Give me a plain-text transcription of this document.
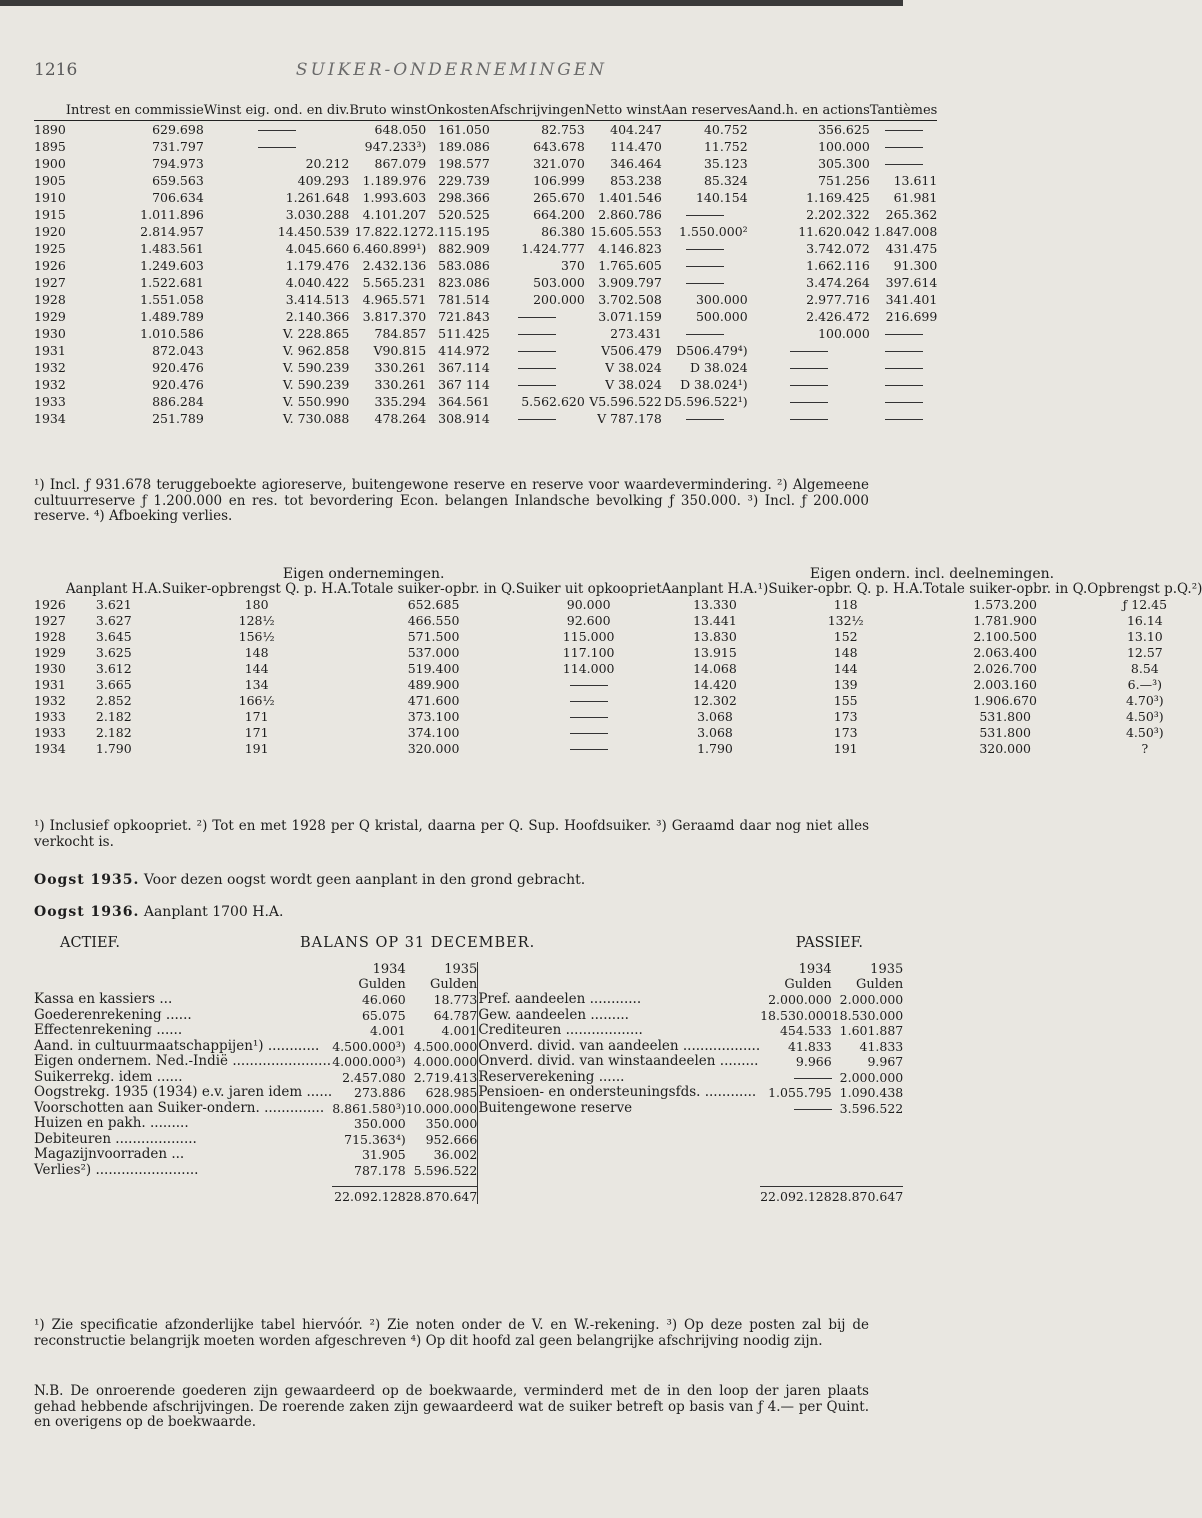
1216	SUIKER-ONDERNEMINGEN
	Intrest en commissie	Winst eig. ond. en div.	Bruto winst	Onkosten	Afschrijvingen	Netto winst	Aan reserves	Aand.h. en actions	Tantièmes

1890	629.698		648.050	161.050	82.753	404.247	40.752	356.625	
1895	731.797		947.233³)	189.086	643.678	114.470	11.752	100.000	
1900	794.973	20.212	867.079	198.577	321.070	346.464	35.123	305.300	
1905	659.563	409.293	1.189.976	229.739	106.999	853.238	85.324	751.256	13.611
1910	706.634	1.261.648	1.993.603	298.366	265.670	1.401.546	140.154	1.169.425	61.981
1915	1.011.896	3.030.288	4.101.207	520.525	664.200	2.860.786		2.202.322	265.362
1920	2.814.957	14.450.539	17.822.127	2.115.195	86.380	15.605.553	1.550.000²	11.620.042	1.847.008
1925	1.483.561	4.045.660	6.460.899¹)	882.909	1.424.777	4.146.823		3.742.072	431.475
1926	1.249.603	1.179.476	2.432.136	583.086	370	1.765.605		1.662.116	91.300
1927	1.522.681	4.040.422	5.565.231	823.086	503.000	3.909.797		3.474.264	397.614
1928	1.551.058	3.414.513	4.965.571	781.514	200.000	3.702.508	300.000	2.977.716	341.401
1929	1.489.789	2.140.366	3.817.370	721.843		3.071.159	500.000	2.426.472	216.699
1930	1.010.586	V. 228.865	784.857	511.425		273.431		100.000	
1931	872.043	V. 962.858	V90.815	414.972		V506.479	D506.479⁴)		
1932	920.476	V. 590.239	330.261	367.114		V 38.024	D 38.024		
1932	920.476	V. 590.239	330.261	367 114		V 38.024	D 38.024¹)		
1933	886.284	V. 550.990	335.294	364.561	5.562.620	V5.596.522	D5.596.522¹)		
1934	251.789	V. 730.088	478.264	308.914		V 787.178			
¹) Incl. ƒ 931.678 teruggeboekte agioreserve, buitengewone reserve en reserve voor waardevermindering. ²) Algemeene cultuurreserve ƒ 1.200.000 en res. tot bevordering Econ. belangen Inlandsche bevolking ƒ 350.000. ³) Incl. ƒ 200.000 reserve. ⁴) Afboeking verlies.
	Eigen ondernemingen.				Eigen ondern. incl. deelnemingen.			
	Aanplant H.A.	Suiker-opbrengst Q. p. H.A.	Totale suiker-opbr. in Q.	Suiker uit opkoopriet		Aanplant H.A.¹)	Suiker-opbr. Q. p. H.A.	Totale suiker-opbr. in Q.	Opbrengst p.Q.²)
1926	3.621	180	652.685	90.000		13.330	118	1.573.200	ƒ 12.45
1927	3.627	128½	466.550	92.600		13.441	132½	1.781.900	16.14
1928	3.645	156½	571.500	115.000		13.830	152	2.100.500	13.10
1929	3.625	148	537.000	117.100		13.915	148	2.063.400	12.57
1930	3.612	144	519.400	114.000		14.068	144	2.026.700	8.54
1931	3.665	134	489.900			14.420	139	2.003.160	6.—³)
1932	2.852	166½	471.600			12.302	155	1.906.670	4.70³)
1933	2.182	171	373.100			3.068	173	531.800	4.50³)
1933	2.182	171	374.100			3.068	173	531.800	4.50³)
1934	1.790	191	320.000			1.790	191	320.000	?
¹) Inclusief opkoopriet. ²) Tot en met 1928 per Q kristal, daarna per Q. Sup. Hoofdsuiker. ³) Geraamd daar nog niet alles verkocht is.
Oogst 1935. Voor dezen oogst wordt geen aanplant in den grond gebracht.
Oogst 1936. Aanplant 1700 H.A.
ACTIEF.	BALANS OP 31 DECEMBER.	PASSIEF.
	1934	1935			1934	1935
	Gulden	Gulden			Gulden	Gulden
Kassa en kassiers ...	46.060	18.773		Pref. aandeelen ............	2.000.000	2.000.000
Goederenrekening ......	65.075	64.787		Gew. aandeelen .........	18.530.000	18.530.000
Effectenrekening ......	4.001	4.001		Crediteuren ..................	454.533	1.601.887
Aand. in cultuurmaatschappijen¹) ............	4.500.000³)	4.500.000		Onverd. divid. van aandeelen ..................	41.833	41.833
Eigen ondernem. Ned.-Indië .......................	4.000.000³)	4.000.000		Onverd. divid. van winstaandeelen .........	9.966	9.967
Suikerrekg. idem ......	2.457.080	2.719.413		Reserverekening ......		2.000.000
Oogstrekg. 1935 (1934) e.v. jaren idem ......	273.886	628.985		Pensioen- en ondersteuningsfds. ............	1.055.795	1.090.438
Voorschotten aan Suiker-ondern. ..............	8.861.580³)	10.000.000		Buitengewone reserve		3.596.522
Huizen en pakh. .........	350.000	350.000				
Debiteuren ...................	715.363⁴)	952.666				
Magazijnvoorraden ...	31.905	36.002				
Verlies²) ........................	787.178	5.596.522				

	22.092.128	28.870.647			22.092.128	28.870.647
¹) Zie specificatie afzonderlijke tabel hiervóór. ²) Zie noten onder de V. en W.-rekening. ³) Op deze posten zal bij de reconstructie belangrijk moeten worden afgeschreven ⁴) Op dit hoofd zal geen belangrijke afschrijving noodig zijn.
N.B. De onroerende goederen zijn gewaardeerd op de boekwaarde, verminderd met de in den loop der jaren plaats gehad hebbende afschrijvingen. De roerende zaken zijn gewaardeerd wat de suiker betreft op basis van ƒ 4.— per Quint. en overigens op de boekwaarde.
